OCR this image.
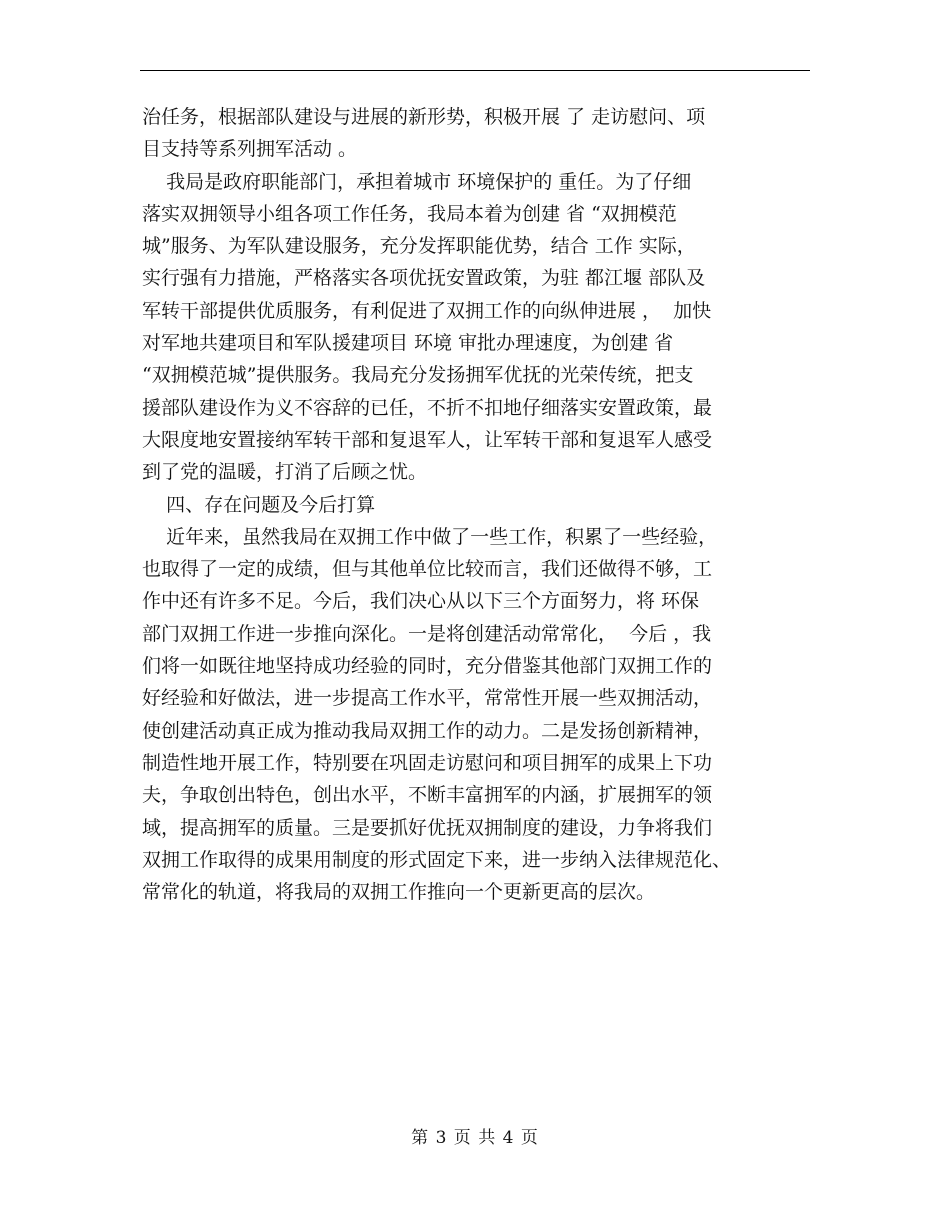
治任务，根据部队建设与进展的新形势，积极开展 了 走访慰问、项
目支持等系列拥军活动 。
我局是政府职能部门，承担着城市 环境保护的 重任。为了仔细
落实双拥领导小组各项工作任务，我局本着为创建 省 “双拥模范
城”服务、为军队建设服务，充分发挥职能优势，结合 工作 实际，
实行强有力措施，严格落实各项优抚安置政策，为驻 都江堰 部队及
军转干部提供优质服务，有利促进了双拥工作的向纵伸进展 ，  加快
对军地共建项目和军队援建项目 环境 审批办理速度，为创建 省
“双拥模范城”提供服务。我局充分发扬拥军优抚的光荣传统，把支
援部队建设作为义不容辞的已任，不折不扣地仔细落实安置政策，最
大限度地安置接纳军转干部和复退军人，让军转干部和复退军人感受
到了党的温暖，打消了后顾之忧。
四、存在问题及今后打算
近年来，虽然我局在双拥工作中做了一些工作，积累了一些经验，
也取得了一定的成绩，但与其他单位比较而言，我们还做得不够，工
作中还有许多不足。今后，我们决心从以下三个方面努力，将 环保
部门双拥工作进一步推向深化。一是将创建活动常常化，  今后 ，我
们将一如既往地坚持成功经验的同时，充分借鉴其他部门双拥工作的
好经验和好做法，进一步提高工作水平，常常性开展一些双拥活动，
使创建活动真正成为推动我局双拥工作的动力。二是发扬创新精神，
制造性地开展工作，特别要在巩固走访慰问和项目拥军的成果上下功
夫，争取创出特色，创出水平，不断丰富拥军的内涵，扩展拥军的领
域，提高拥军的质量。三是要抓好优抚双拥制度的建设，力争将我们
双拥工作取得的成果用制度的形式固定下来，进一步纳入法律规范化、
常常化的轨道，将我局的双拥工作推向一个更新更高的层次。
第 3 页 共 4 页
